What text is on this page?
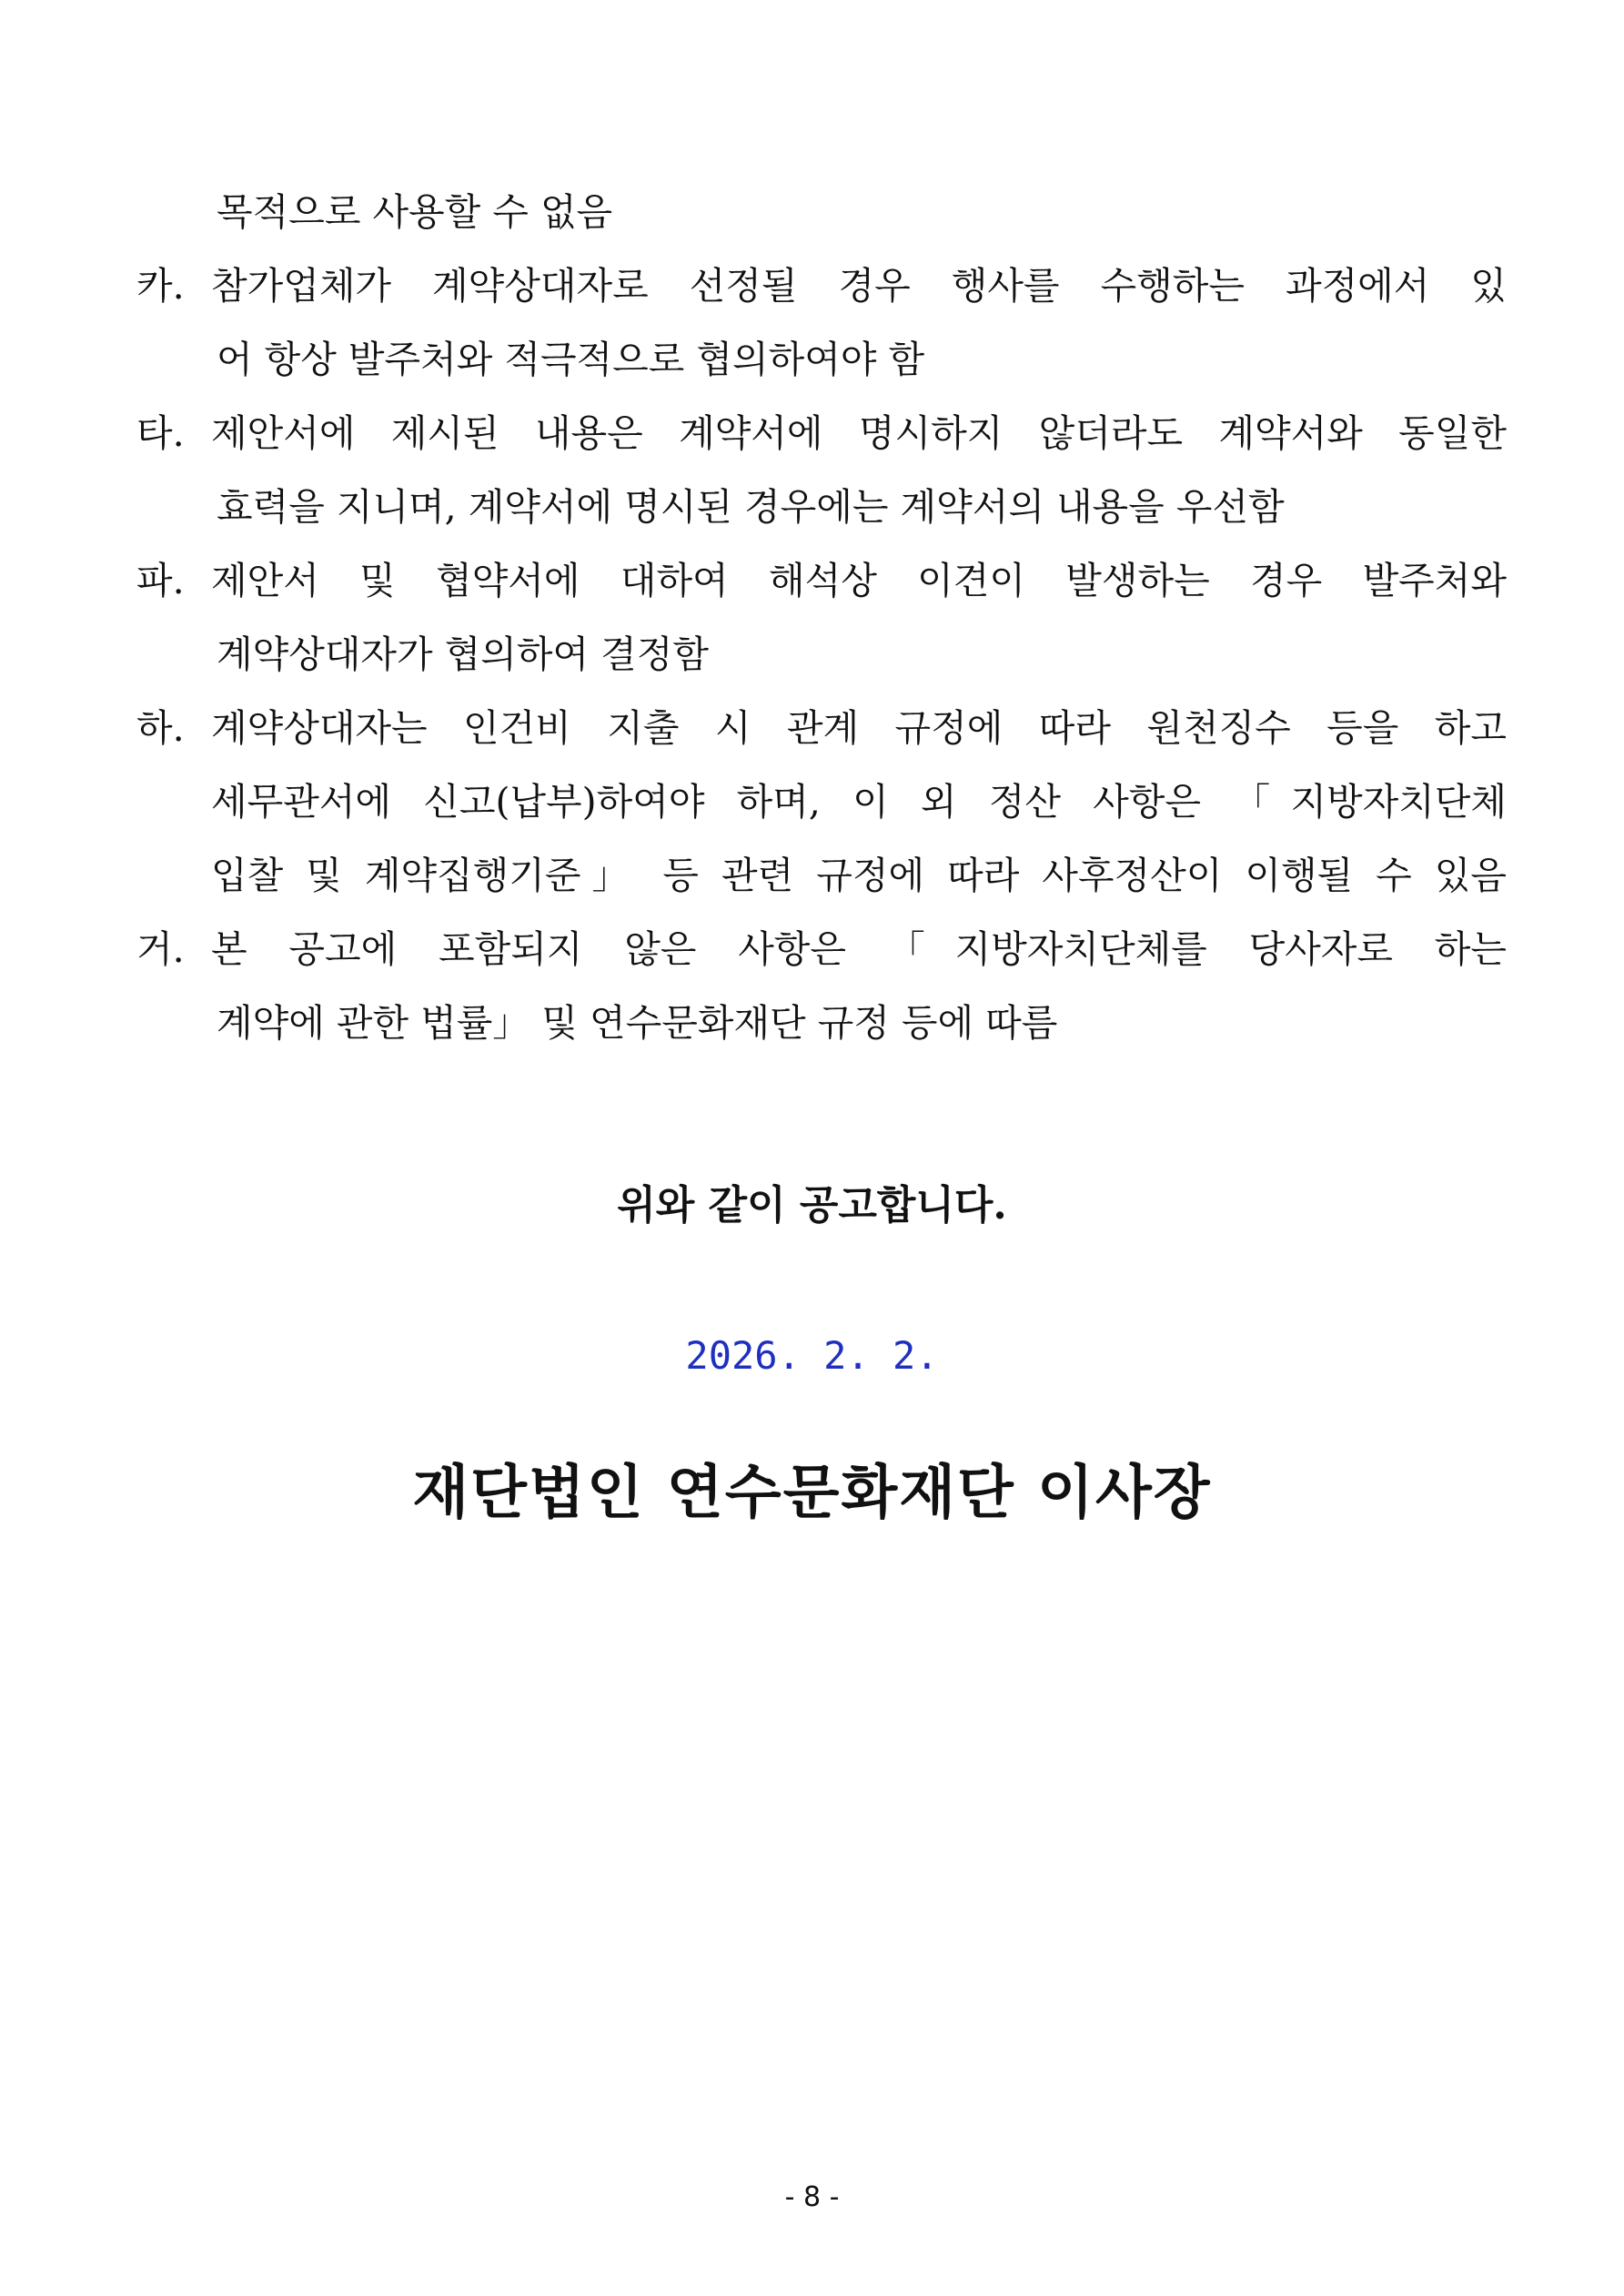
목적으로 사용할 수 없음
카. 참가업체가 계약상대자로 선정될 경우 행사를 수행하는 과정에서 있
어 항상 발주처와 적극적으로 협의하여야 함
타. 제안서에 제시된 내용은 계약서에 명시하지 않더라도 계약서와 동일한
효력을 지니며, 계약서에 명시된 경우에는 계약서의 내용을 우선함
파. 제안서 및 협약서에 대하여 해석상 이견이 발생하는 경우 발주처와
계약상대자가 협의하여 결정함
하. 계약상대자는 인건비 지출 시 관계 규정에 따라 원천징수 등을 하고
세무관서에 신고(납부)하여야 하며, 이 외 정산 사항은 「지방자치단체
입찰 및 계약집행기준」 등 관련 규정에 따라 사후정산이 이행될 수 있음
거. 본 공고에 포함되지 않은 사항은 「지방자치단체를 당사자로 하는
계약에 관한 법률」 및 연수문화재단 규정 등에 따름
위와 같이 공고합니다.
2026. 2. 2.
재단법인 연수문화재단 이사장
- 8 -
